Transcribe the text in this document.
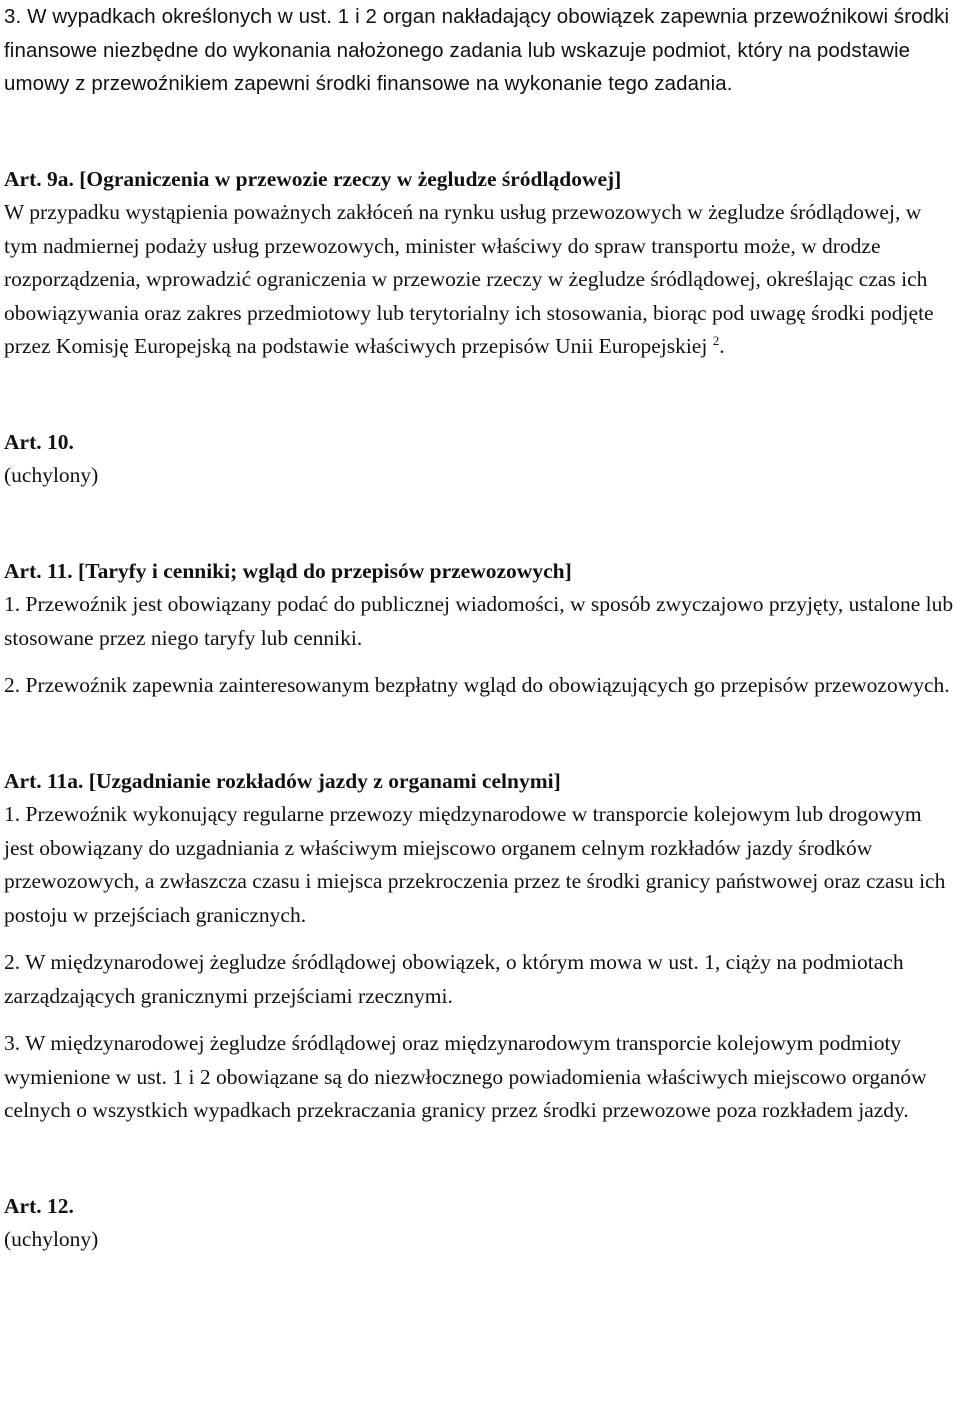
3. W wypadkach określonych w ust. 1 i 2 organ nakładający obowiązek zapewnia przewoźnikowi środki finansowe niezbędne do wykonania nałożonego zadania lub wskazuje podmiot, który na podstawie umowy z przewoźnikiem zapewni środki finansowe na wykonanie tego zadania.

Art. 9a. [Ograniczenia w przewozie rzeczy w żegludze śródlądowej]

W przypadku wystąpienia poważnych zakłóceń na rynku usług przewozowych w żegludze śródlądowej, w tym nadmiernej podaży usług przewozowych, minister właściwy do spraw transportu może, w drodze rozporządzenia, wprowadzić ograniczenia w przewozie rzeczy w żegludze śródlądowej, określając czas ich obowiązywania oraz zakres przedmiotowy lub terytorialny ich stosowania, biorąc pod uwagę środki podjęte przez Komisję Europejską na podstawie właściwych przepisów Unii Europejskiej $^2$.

Art. 10.

(uchylony)

Art. 11. [Taryfy i cenniki; wgląd do przepisów przewozowych]

1. Przewoźnik jest obowiązany podać do publicznej wiadomości, w sposób zwyczajowo przyjęty, ustalone lub stosowane przez niego taryfy lub cenniki.

2. Przewoźnik zapewnia zainteresowanym bezpłatny wgląd do obowiązujących go przepisów przewozowych.

Art. 11a. [Uzgadnianie rozkładów jazdy z organami celnymi]

1. Przewoźnik wykonujący regularne przewozy międzynarodowe w transporcie kolejowym lub drogowym jest obowiązany do uzgadniania z właściwym miejscowo organem celnym rozkładów jazdy środków przewozowych, a zwłaszcza czasu i miejsca przekroczenia przez te środki granicy państwowej oraz czasu ich postoju w przejściach granicznych.

2. W międzynarodowej żegludze śródlądowej obowiązek, o którym mowa w ust. 1, ciąży na podmiotach zarządzających granicznymi przejściami rzecznymi.

3. W międzynarodowej żegludze śródlądowej oraz międzynarodowym transporcie kolejowym podmioty wymienione w ust. 1 i 2 obowiązane są do niezwłocznego powiadomienia właściwych miejscowo organów celnych o wszystkich wypadkach przekraczania granicy przez środki przewozowe poza rozkładem jazdy.

Art. 12.

(uchylony)
